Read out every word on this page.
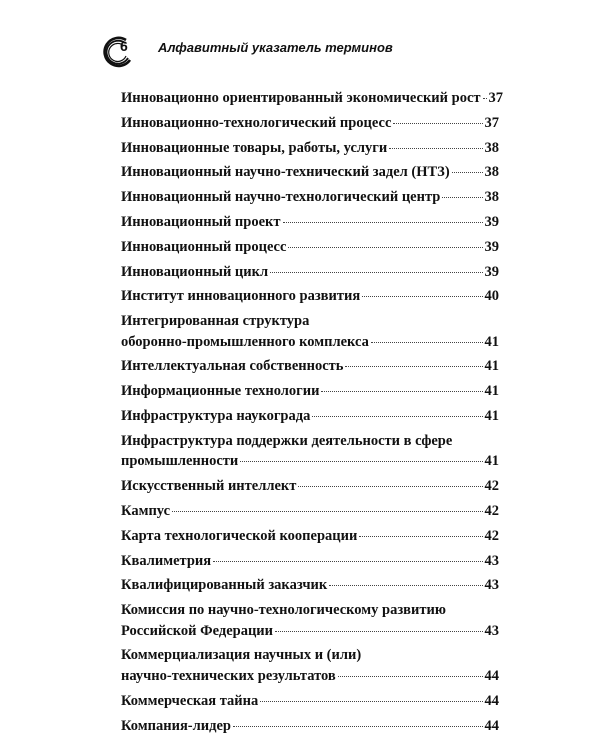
6 Алфавитный указатель терминов
Инновационно ориентированный экономический рост 37
Инновационно-технологический процесс	37
Инновационные товары, работы, услуги	38
Инновационный научно-технический задел (НТЗ) 38
Инновационный научно-технологический центр	38
Инновационный проект	39
Инновационный процесс	39
Инновационный цикл	39
Институт инновационного развития	40
Интегрированная структура
оборонно-промышленного комплекса	41
Интеллектуальная собственность	41
Информационные технологии	41
Инфраструктура наукограда	41
Инфраструктура поддержки деятельности в сфере
промышленности	41
Искусственный интеллект	42
Кампус	42
Карта технологической кооперации	42
Квалиметрия	43
Квалифицированный заказчик	43
Комиссия по научно-технологическому развитию
Российской Федерации	43
Коммерциализация научных и (или)
научно-технических результатов	44
Коммерческая тайна	44
Компания-лидер	44
